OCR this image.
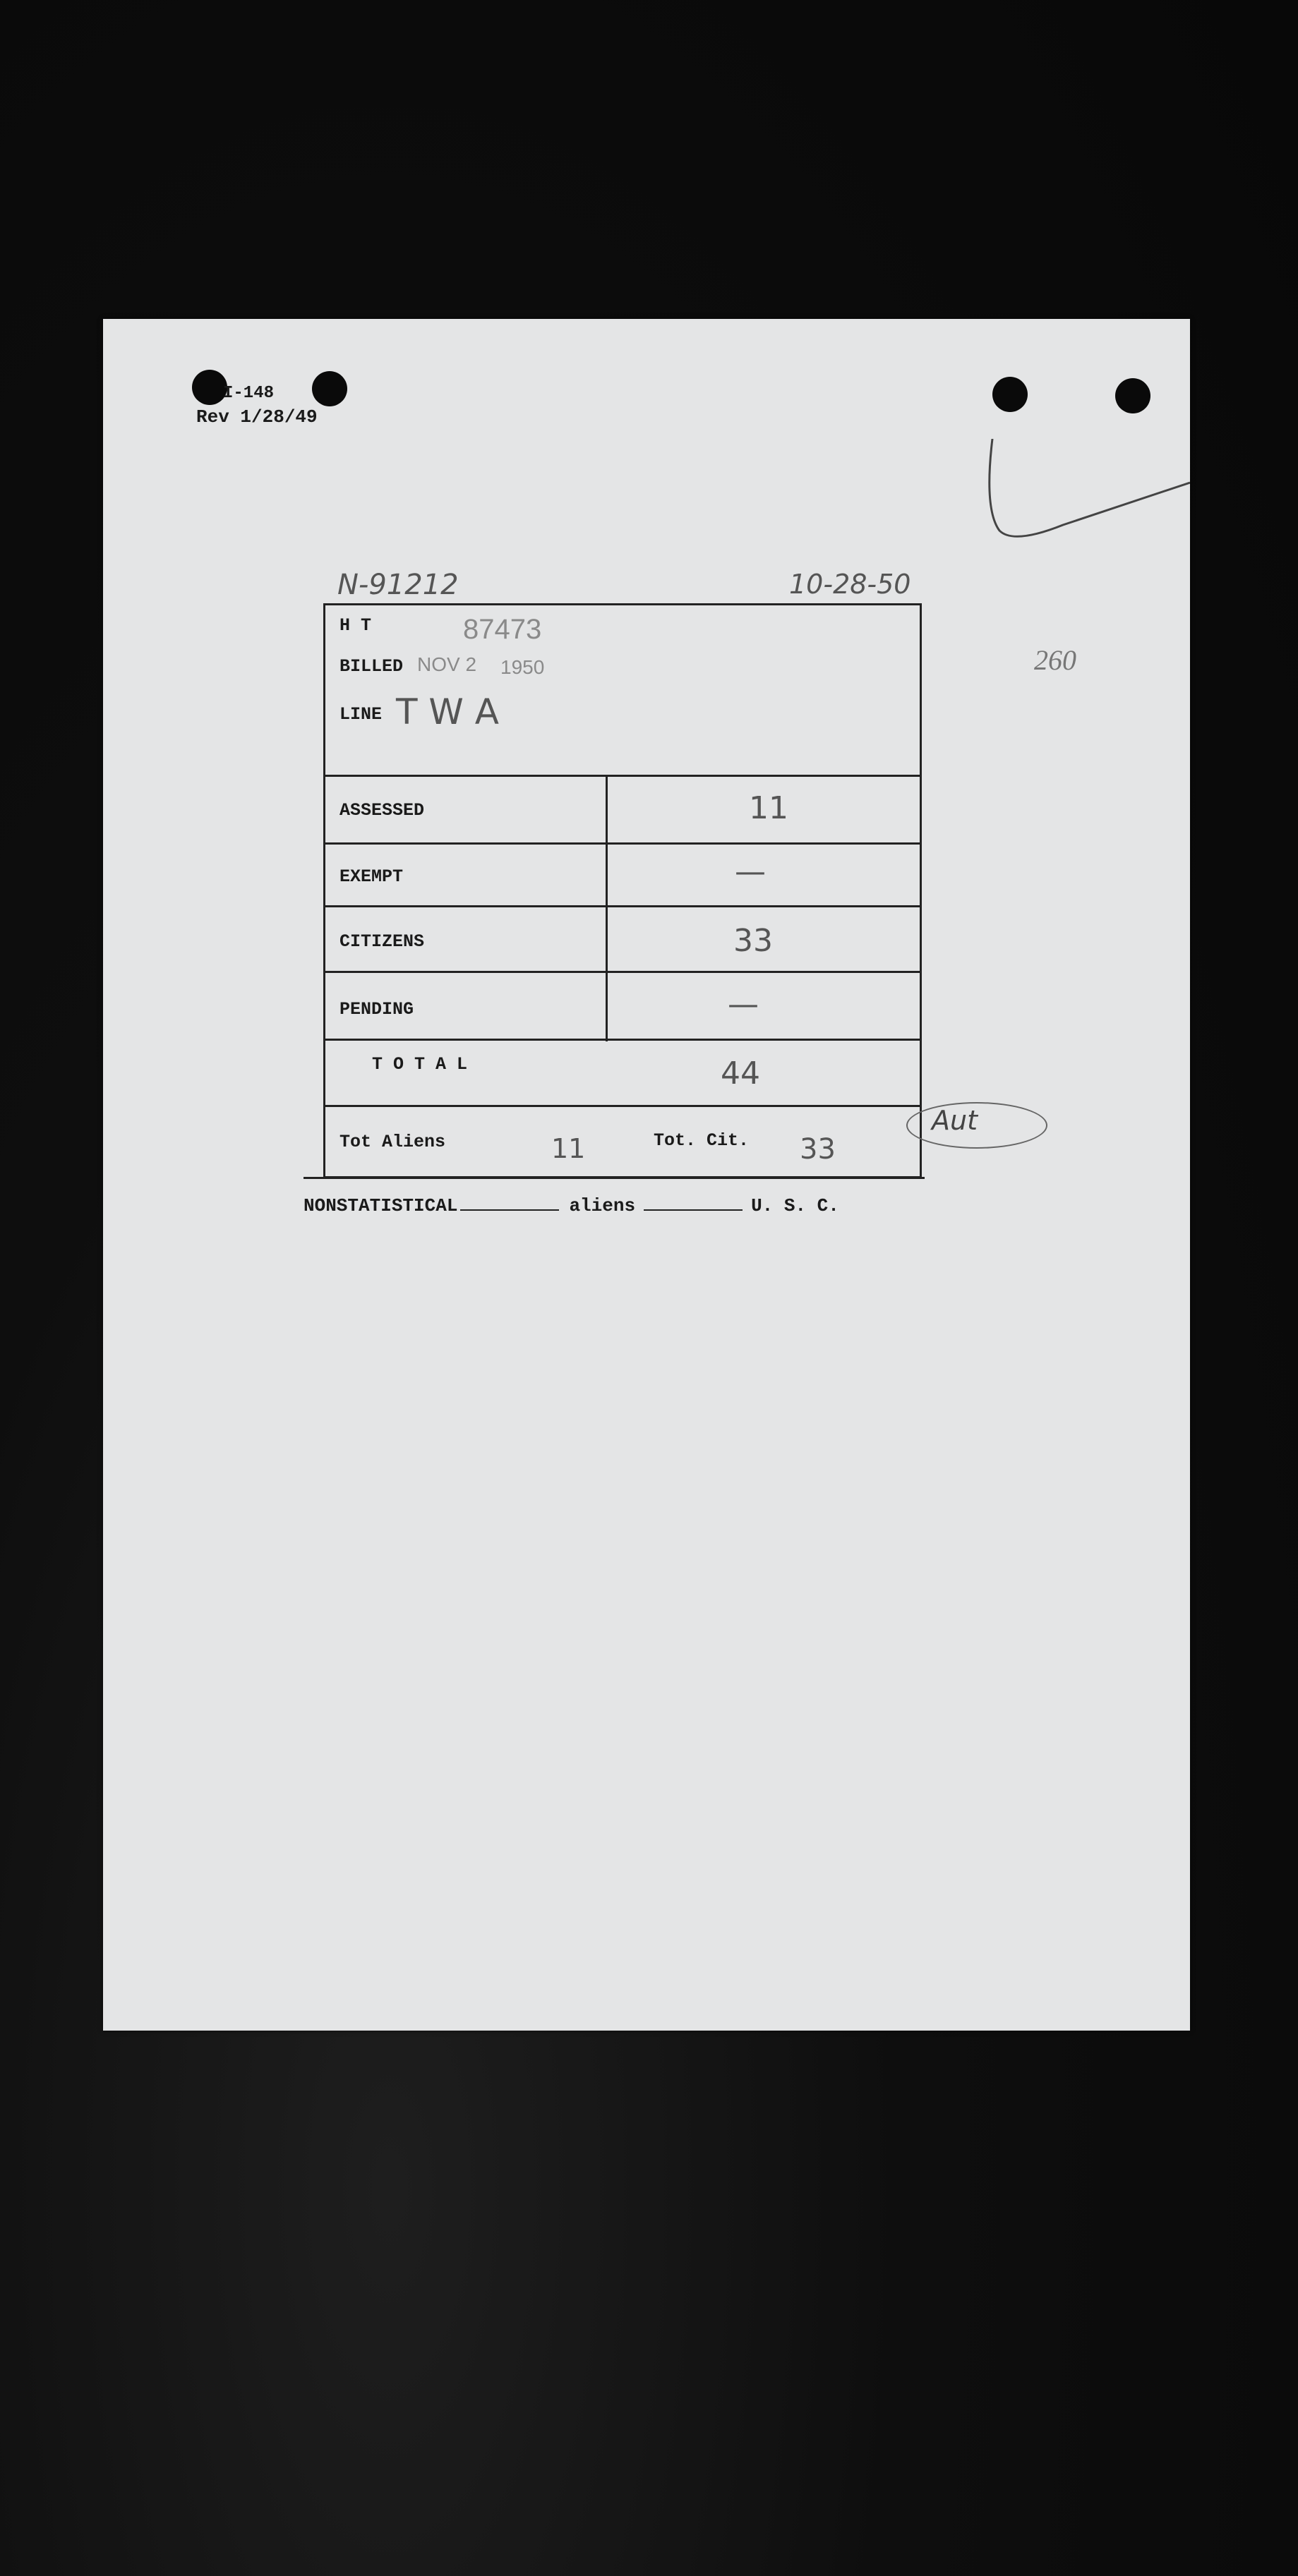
I-148
Rev 1/28/49
N-91212	10-28-50
260
H T	87473
BILLED NOV 2 1950
LINE T W A
ASSESSED	11
EXEMPT	—
CITIZENS	33
PENDING	—
T O T A L	44
Tot Aliens	11	Tot. Cit. 33
Aut
NONSTATISTICAL	aliens	U. S. C.
